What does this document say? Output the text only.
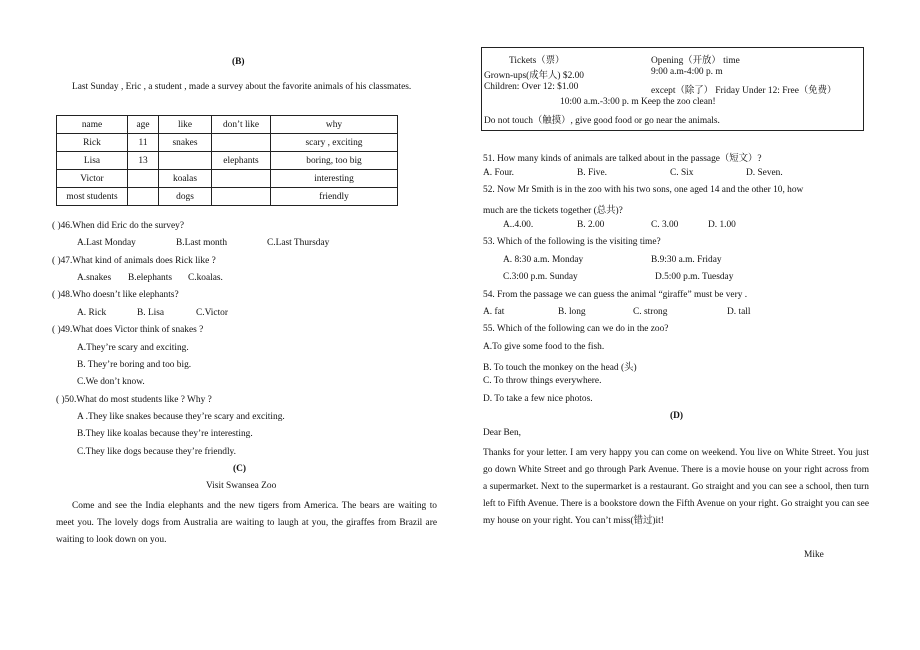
(B)
Last Sunday , Eric , a student , made a survey about the favorite animals of his classmates.
name	age	like	don’t like	why
Rick	11	snakes		scary , exciting
Lisa	13		elephants	boring, too big
Victor		koalas		interesting
most students		dogs		friendly
( )46.When did Eric do the survey?
A.Last Monday	B.Last month	C.Last Thursday
( )47.What kind of animals does Rick like ?
A.snakes B.elephants C.koalas.
( )48.Who doesn’t like elephants?
A. Rick	B. Lisa	C.Victor
( )49.What does Victor think of snakes ?
A.They’re scary and exciting.
B. They’re boring and too big.
C.We don’t know.
( )50.What do most students like ? Why ?
A .They like snakes because they’re scary and exciting.
B.They like koalas because they’re interesting.
C.They like dogs because they’re friendly.
(C)
Visit Swansea Zoo
Come and see the India elephants and the new tigers from America. The bears are waiting to meet you. The lovely dogs from Australia are waiting to laugh at you, the giraffes from Brazil are waiting to look down on you.
Tickets（票）	Opening（开放） time
Grown-ups(成年人) $2.00	9:00 a.m-4:00 p. m
Children: Over 12: $1.00	except（除了） Friday Under 12: Free（免费）
10:00 a.m.-3:00 p. m Keep the zoo clean!
Do not touch（触摸）, give good food or go near the animals.
51. How many kinds of animals are talked about in the passage（短文）?
A. Four.	B. Five.	C. Six	D. Seven.
52. Now Mr Smith is in the zoo with his two sons, one aged 14 and the other 10, how
much are the tickets together (总共)?
A..4.00.	B. 2.00	C. 3.00	D. 1.00
53. Which of the following is the visiting time?
A. 8:30 a.m. Monday	B.9:30 a.m. Friday
C.3:00 p.m. Sunday	D.5:00 p.m. Tuesday
54. From the passage we can guess the animal “giraffe” must be very .
A. fat	B. long	C. strong	D. tall
55. Which of the following can we do in the zoo?
A.To give some food to the fish.
B. To touch the monkey on the head (头)
C. To throw things everywhere.
D. To take a few nice photos.
(D)
Dear Ben,
Thanks for your letter. I am very happy you can come on weekend. You live on White Street. You just go down White Street and go through Park Avenue. There is a movie house on your right across from a supermarket. Next to the supermarket is a restaurant. Go straight and you can see a school, then turn left to Fifth Avenue. There is a bookstore down the Fifth Avenue on your right. Go straight you can see my house on your right. You can’t miss(错过)it!
Mike
